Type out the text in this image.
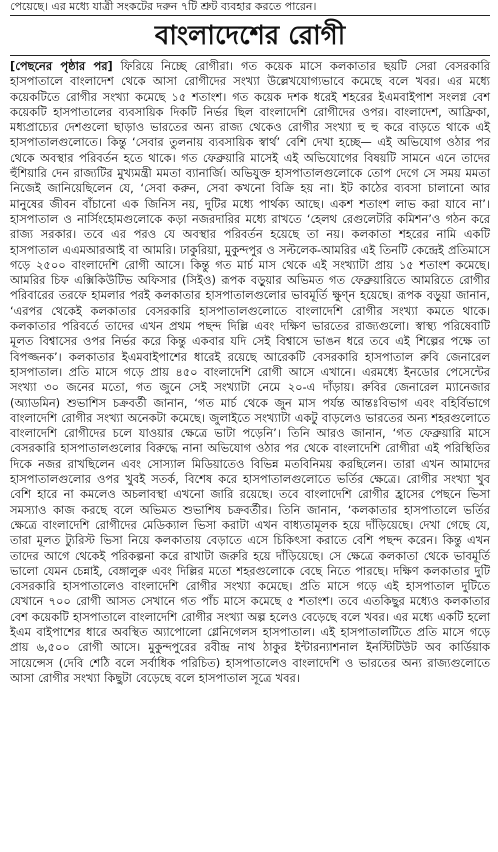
পেয়েছে। এর মধ্যে যাত্রী সংকটের দরুন ৭টি শ্রুট ব্যবহার করতে পারেন।
বাংলাদেশের রোগী

[পেছনের পৃষ্ঠার পর] ফিরিয়ে নিচ্ছে রোগীরা। গত কয়েক মাসে কলকাতার ছয়টি সেরা বেসরকারি হাসপাতালে বাংলাদেশ থেকে আসা রোগীদের সংখ্যা উল্লেখযোগ্যভাবে কমেছে বলে খবর। এর মধ্যে কয়েকটিতে রোগীর সংখ্যা কমেছে ১৫ শতাংশ। গত কয়েক দশক ধরেই শহরের ইএমবাইপাশ সংলগ্ন বেশ কয়েকটি হাসপাতালের ব্যবসায়িক দিকটি নির্ভর ছিল বাংলাদেশি রোগীদের ওপর। বাংলাদেশ, আফ্রিকা, মধ্যপ্রাচ্যের দেশগুলো ছাড়াও ভারতের অন্য রাজ্য থেকেও রোগীর সংখ্যা হু হু করে বাড়তে থাকে এই হাসপাতালগুলোতে। কিন্তু ‘সেবার তুলনায় ব্যবসায়িক স্বার্থ’ বেশি দেখা হচ্ছে— এই অভিযোগ ওঠার পর থেকে অবস্থার পরিবর্তন হতে থাকে। গত ফেব্রুয়ারি মাসেই এই অভিযোগের বিষয়টি সামনে এনে তাদের হুঁশিয়ারি দেন রাজ্যটির মুখ্যমন্ত্রী মমতা ব্যানার্জি। অভিযুক্ত হাসপাতালগুলোকে তোপ দেগে সে সময় মমতা নিজেই জানিয়েছিলেন যে, ‘সেবা করুন, সেবা কখনো বিক্রি হয় না। ইট কাঠের ব্যবসা চালানো আর মানুষের জীবন বাঁচানো এক জিনিস নয়, দুটির মধ্যে পার্থক্য আছে। একশ শতাংশ লাভ করা যাবে না’। হাসপাতাল ও নার্সিংহোমগুলোকে কড়া নজরদারির মধ্যে রাখতে ‘হেলথ রেগুলেটরি কমিশন’ও গঠন করে রাজ্য সরকার। তবে এর পরও যে অবস্থার পরিবর্তন হয়েছে তা নয়। কলকাতা শহরের নামি একটি হাসপাতাল এএমআরআই বা আমরি। ঢাকুরিয়া, মুকুন্দপুর ও সল্টলেক-আমরির এই তিনটি কেন্দ্রেই প্রতিমাসে গড়ে ২৫০০ বাংলাদেশি রোগী আসে। কিন্তু গত মার্চ মাস থেকে এই সংখ্যাটা প্রায় ১৫ শতাংশ কমেছে। আমরির চিফ এক্সিকিউটিভ অফিসার (সিইও) রূপক বড়ুয়ার অভিমত গত ফেব্রুয়ারিতে আমরিতে রোগীর পরিবারের তরফে হামলার পরই কলকাতার হাসপাতালগুলোর ভাবমূর্তি ক্ষুণ্ন হয়েছে। রূপক বড়ুয়া জানান, ‘এরপর থেকেই কলকাতার বেসরকারি হাসপাতালগুলোতে বাংলাদেশি রোগীর সংখ্যা কমতে থাকে। কলকাতার পরিবর্তে তাদের এখন প্রথম পছন্দ দিল্লি এবং দক্ষিণ ভারতের রাজ্যগুলো। স্বাস্থ্য পরিষেবাটি মূলত বিশ্বাসের ওপর নির্ভর করে কিন্তু একবার যদি সেই বিশ্বাসে ভাঙন ধরে তবে এই শিল্পের পক্ষে তা বিপজ্জনক’। কলকাতার ইএমবাইপাশের ধারেই রয়েছে আরেকটি বেসরকারি হাসপাতাল রুবি জেনারেল হাসপাতাল। প্রতি মাসে গড়ে প্রায় ৪৫০ বাংলাদেশি রোগী আসে এখানে। এরমধ্যে ইনডোর পেসেন্টের সংখ্যা ৩০ জনের মতো, গত জুনে সেই সংখ্যাটা নেমে ২০-এ দাঁড়ায়। রুবির জেনারেল ম্যানেজার (অ্যাডমিন) শুভাশিস চক্রবর্তী জানান, ‘গত মার্চ থেকে জুন মাস পর্যন্ত আন্তঃবিভাগ এবং বহির্বিভাগে বাংলাদেশি রোগীর সংখ্যা অনেকটা কমেছে। জুলাইতে সংখ্যাটা একটু বাড়লেও ভারতের অন্য শহরগুলোতে বাংলাদেশি রোগীদের চলে যাওয়ার ক্ষেত্রে ভাটা পড়েনি’। তিনি আরও জানান, ‘গত ফেব্রুয়ারি মাসে বেসরকারি হাসপাতালগুলোর বিরুদ্ধে নানা অভিযোগ ওঠার পর থেকে বাংলাদেশি রোগীরা এই পরিস্থিতির দিকে নজর রাখছিলেন এবং সোস্যাল মিডিয়াতেও বিভিন্ন মতবিনিময় করছিলেন। তারা এখন আমাদের হাসপাতালগুলোর ওপর খুবই সতর্ক, বিশেষ করে হাসপাতালগুলোতে ভর্তির ক্ষেত্রে। রোগীর সংখ্যা খুব বেশি হারে না কমলেও অচলাবস্থা এখনো জারি রয়েছে। তবে বাংলাদেশি রোগীর হ্রাসের পেছনে ভিসা সমস্যাও কাজ করছে বলে অভিমত শুভাশিষ চক্রবর্তীর। তিনি জানান, ‘কলকাতার হাসপাতালে ভর্তির ক্ষেত্রে বাংলাদেশি রোগীদের মেডিক্যাল ভিসা করাটা এখন বাধ্যতামূলক হয়ে দাঁড়িয়েছে। দেখা গেছে যে, তারা মূলত ট্যুরিস্ট ভিসা নিয়ে কলকাতায় বেড়াতে এসে চিকিৎসা করাতে বেশি পছন্দ করেন। কিন্তু এখন তাদের আগে থেকেই পরিকল্পনা করে রাখাটা জরুরি হয়ে দাঁড়িয়েছে। সে ক্ষেত্রে কলকাতা থেকে ভাবমূর্তি ভালো যেমন চেন্নাই, বেঙ্গালুরু এবং দিল্লির মতো শহরগুলোকে বেছে নিতে পারছে। দক্ষিণ কলকাতার দুটি বেসরকারি হাসপাতালেও বাংলাদেশি রোগীর সংখ্যা কমেছে। প্রতি মাসে গড়ে এই হাসপাতাল দুটিতে যেখানে ৭০০ রোগী আসত সেখানে গত পাঁচ মাসে কমেছে ৫ শতাংশ। তবে এতকিছুর মধ্যেও কলকাতার বেশ কয়েকটি হাসপাতালে বাংলাদেশি রোগীর সংখ্যা অল্প হলেও বেড়েছে বলে খবর। এর মধ্যে একটি হলো ইএম বাইপাশের ধারে অবস্থিত অ্যাপোলো গ্লেনিগেলস হাসপাতাল। এই হাসপাতালটিতে প্রতি মাসে গড়ে প্রায় ৬,৫০০ রোগী আসে। মুকুন্দপুরের রবীন্দ্র নাথ ঠাকুর ইন্টারন্যাশনাল ইনস্টিটিউট অব কার্ডিয়াক সায়েন্সেস (দেবি শেঠি বলে সর্বাধিক পরিচিত) হাসপাতালেও বাংলাদেশি ও ভারতের অন্য রাজ্যগুলোতে আসা রোগীর সংখ্যা কিছুটা বেড়েছে বলে হাসপাতাল সূত্রে খবর।
